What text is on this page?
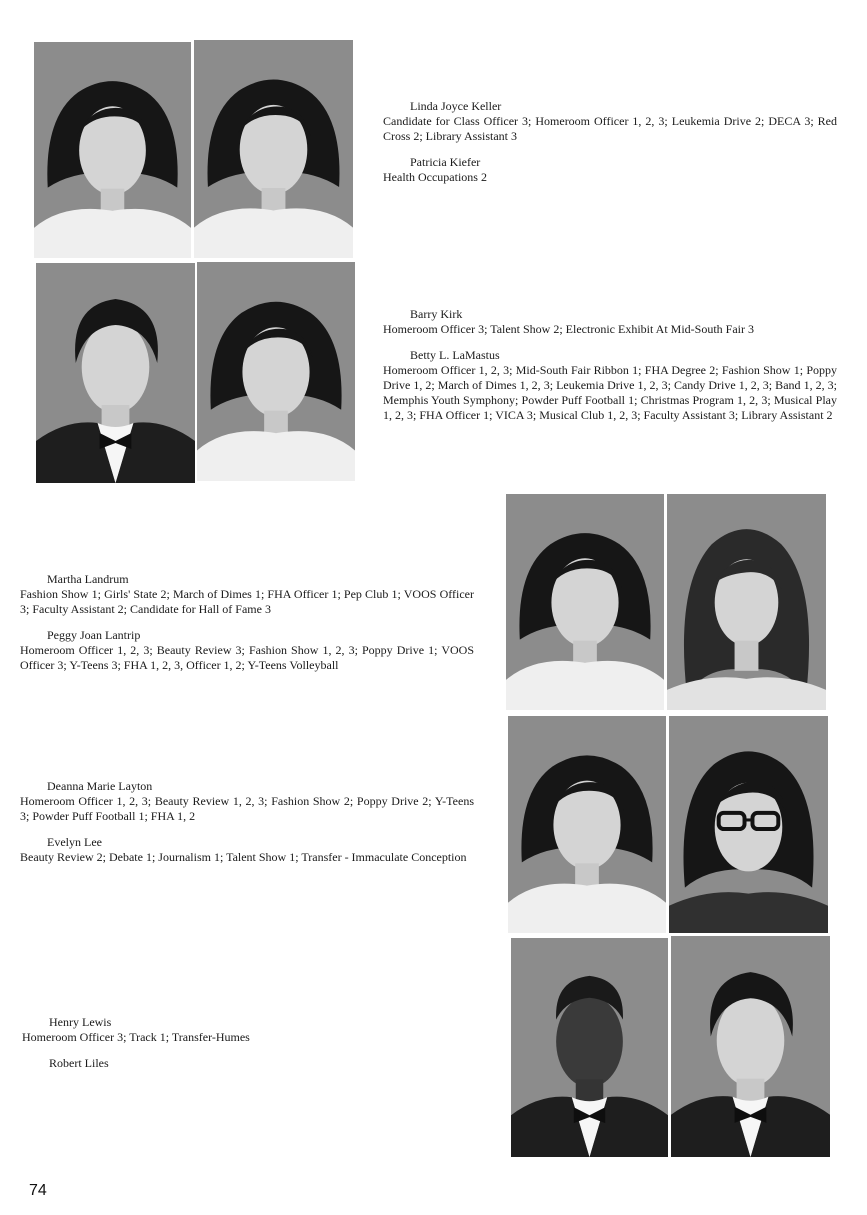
Linda Joyce Keller
Candidate for Class Officer 3; Homeroom Officer 1, 2, 3; Leukemia Drive 2; DECA 3; Red Cross 2; Library Assistant 3
Patricia Kiefer
Health Occupations 2
Barry Kirk
Homeroom Officer 3; Talent Show 2; Electronic Exhibit At Mid-South Fair 3
Betty L. LaMastus
Homeroom Officer 1, 2, 3; Mid-South Fair Ribbon 1; FHA Degree 2; Fashion Show 1; Poppy Drive 1, 2; March of Dimes 1, 2, 3; Leukemia Drive 1, 2, 3; Candy Drive 1, 2, 3; Band 1, 2, 3; Memphis Youth Symphony; Powder Puff Football 1; Christmas Program 1, 2, 3; Musical Play 1, 2, 3; FHA Officer 1; VICA 3; Musical Club 1, 2, 3; Faculty Assistant 3; Library Assistant 2
Martha Landrum
Fashion Show 1; Girls' State 2; March of Dimes 1; FHA Officer 1; Pep Club 1; VOOS Officer 3; Faculty Assistant 2; Candidate for Hall of Fame 3
Peggy Joan Lantrip
Homeroom Officer 1, 2, 3; Beauty Review 3; Fashion Show 1, 2, 3; Poppy Drive 1; VOOS Officer 3; Y-Teens 3; FHA 1, 2, 3, Officer 1, 2; Y-Teens Volleyball
Deanna Marie Layton
Homeroom Officer 1, 2, 3; Beauty Review 1, 2, 3; Fashion Show 2; Poppy Drive 2; Y-Teens 3; Powder Puff Football 1; FHA 1, 2
Evelyn Lee
Beauty Review 2; Debate 1; Journalism 1; Talent Show 1; Transfer - Immaculate Conception
Henry Lewis
Homeroom Officer 3; Track 1; Transfer-Humes
Robert Liles
74
